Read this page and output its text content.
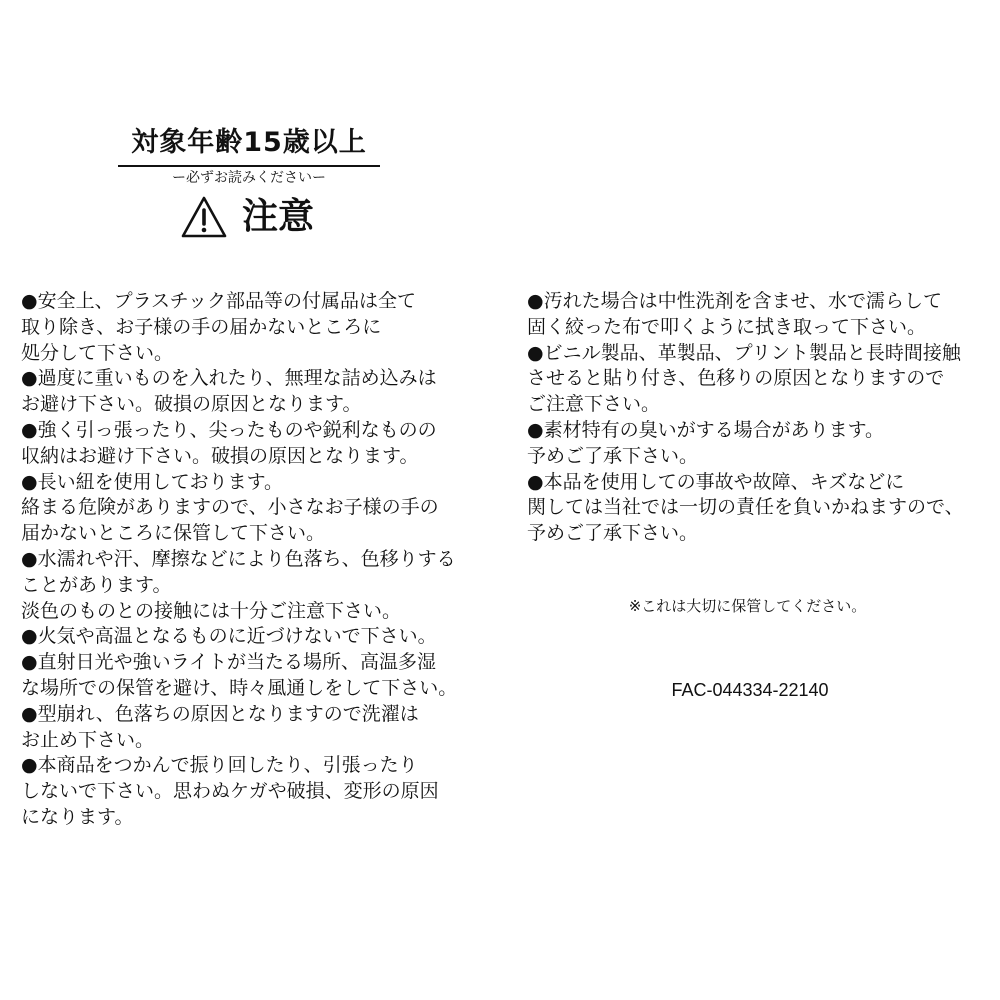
対象年齢15歳以上
ー必ずお読みくださいー
注意
●安全上、プラスチック部品等の付属品は全て
取り除き、お子様の手の届かないところに
処分して下さい。
●過度に重いものを入れたり、無理な詰め込みは
お避け下さい。破損の原因となります。
●強く引っ張ったり、尖ったものや鋭利なものの
収納はお避け下さい。破損の原因となります。
●長い紐を使用しております。
絡まる危険がありますので、小さなお子様の手の
届かないところに保管して下さい。
●水濡れや汗、摩擦などにより色落ち、色移りする
ことがあります。
淡色のものとの接触には十分ご注意下さい。
●火気や高温となるものに近づけないで下さい。
●直射日光や強いライトが当たる場所、高温多湿
な場所での保管を避け、時々風通しをして下さい。
●型崩れ、色落ちの原因となりますので洗濯は
お止め下さい。
●本商品をつかんで振り回したり、引張ったり
しないで下さい。思わぬケガや破損、変形の原因
になります。
●汚れた場合は中性洗剤を含ませ、水で濡らして
固く絞った布で叩くように拭き取って下さい。
●ビニル製品、革製品、プリント製品と長時間接触
させると貼り付き、色移りの原因となりますので
ご注意下さい。
●素材特有の臭いがする場合があります。
予めご了承下さい。
●本品を使用しての事故や故障、キズなどに
関しては当社では一切の責任を負いかねますので、
予めご了承下さい。
※これは大切に保管してください。
FAC-044334-22140
